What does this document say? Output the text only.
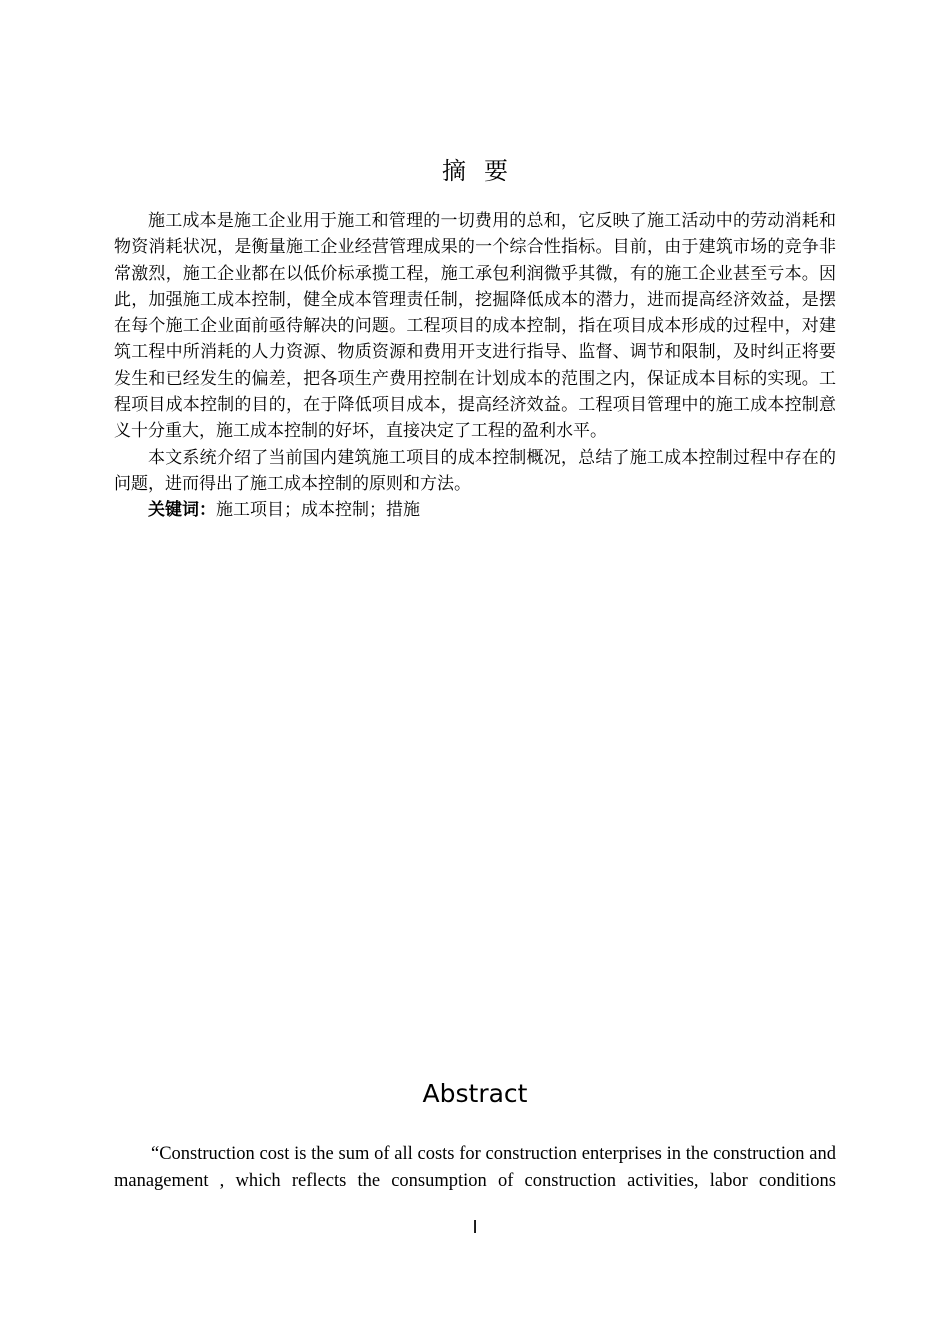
摘要

施工成本是施工企业用于施工和管理的一切费用的总和，它反映了施工活动中的劳动消耗和物资消耗状况，是衡量施工企业经营管理成果的一个综合性指标。目前，由于建筑市场的竞争非常激烈，施工企业都在以低价标承揽工程，施工承包利润微乎其微，有的施工企业甚至亏本。因此，加强施工成本控制，健全成本管理责任制，挖掘降低成本的潜力，进而提高经济效益，是摆在每个施工企业面前亟待解决的问题。工程项目的成本控制，指在项目成本形成的过程中，对建筑工程中所消耗的人力资源、物质资源和费用开支进行指导、监督、调节和限制，及时纠正将要发生和已经发生的偏差，把各项生产费用控制在计划成本的范围之内，保证成本目标的实现。工程项目成本控制的目的，在于降低项目成本，提高经济效益。工程项目管理中的施工成本控制意义十分重大，施工成本控制的好坏，直接决定了工程的盈利水平。

本文系统介绍了当前国内建筑施工项目的成本控制概况，总结了施工成本控制过程中存在的问题，进而得出了施工成本控制的原则和方法。

关键词：施工项目；成本控制；措施

Abstract

“Construction cost is the sum of all costs for construction enterprises in the construction and management , which reflects the consumption of construction activities, labor conditions

I
